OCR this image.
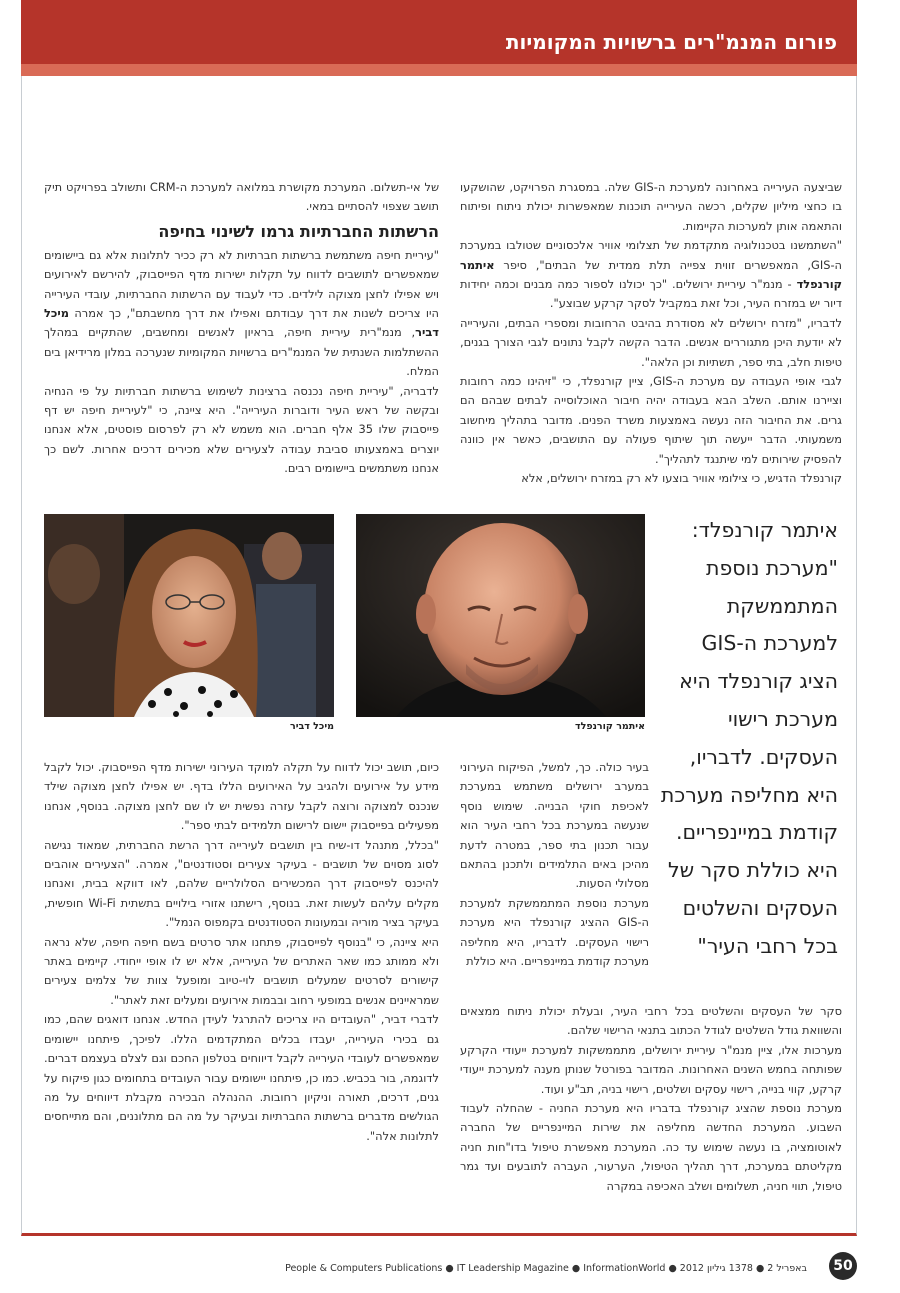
פורום המנמ"רים ברשויות המקומיות

שביצעה העירייה באחרונה למערכת ה-GIS שלה. במסגרת הפרויקט, שהושקעו בו כחצי מיליון שקלים, רכשה העירייה תוכנות שמאפשרות יכולת ניתוח ופיתוח והתאמה אותן למערכות הקיימות.

"השתמשנו בטכנולוגיה מתקדמת של תצלומי אוויר אלכסוניים שטולבו במערכת ה-GIS, המאפשרים זווית צפייה תלת ממדית של הבתים", סיפר איתמר קורנפלד - מנמ"ר עיריית ירושלים. "כך יכולנו לספור כמה מבנים וכמה יחידות דיור יש במזרח העיר, וכל זאת במקביל לסקר קרקע שבוצע".

לדבריו, "מזרח ירושלים לא מסודרת בהיבט הרחובות ומספרי הבתים, והעירייה לא יודעת היכן מתגוררים אנשים. הדבר הקשה לקבל נתונים לגבי הצורך בגנים, טיפות חלב, בתי ספר, תשתיות וכן הלאה".

לגבי אופי העבודה עם מערכת ה-GIS, ציין קורנפלד, כי "זיהינו כמה רחובות וציירנו אותם. השלב הבא בעבודה יהיה חיבור האוכלוסייה לבתים שבהם הם גרים. את החיבור הזה נעשה באמצעות משרד הפנים. מדובר בתהליך מיחשוב משמעותי. הדבר ייעשה תוך שיתוף פעולה עם התושבים, כאשר אין כוונה להפסיק שירותים למי שיתנגד לתהליך".

קורנפלד הדגיש, כי צילומי אוויר בוצעו לא רק במזרח ירושלים, אלא

של אי-תשלום. המערכת מקושרת במלואה למערכת ה-CRM ותשולב בפרויקט תיק תושב שצפוי להסתיים במאי.

הרשתות החברתיות גרמו לשינוי בחיפה

"עיריית חיפה משתמשת ברשתות חברתיות לא רק ככיר לתלונות אלא גם ביישומים שמאפשרים לתושבים לדווח על תקלות ישירות מדף הפייסבוק, להירשם לאירועים ויש אפילו לחצן מצוקה לילדים. כדי לעבוד עם הרשתות החברתיות, עובדי העירייה היו צריכים לשנות את דרך עבודתם ואפילו את דרך מחשבתם", כך אמרה מיכל דביר, מנמ"רית עיריית חיפה, בראיון לאנשים ומחשבים, שהתקיים במהלך ההשתלמות השנתית של המנמ"רים ברשויות המקומיות שנערכה במלון מרידיאן בים המלח.

לדבריה, "עיריית חיפה נכנסה ברצינות לשימוש ברשתות חברתיות על פי הנחיה ובקשה של ראש העיר ודוברות העירייה". היא ציינה, כי "לעיריית חיפה יש דף פייסבוק שלו 35 אלף חברים. הוא משמש לא רק לפרסום פוסטים, אלא אנחנו יוצרים באמצעותו סביבת עבודה לצעירים שלא מכירים דרכים אחרות. לשם כך אנחנו משתמשים ביישומים רבים.

איתמר קורנפלד
מיכל דביר
איתמר קורנפלד: "מערכת נוספת המתממשקת למערכת ה-GIS הציג קורנפלד היא מערכת רישוי העסקים. לדבריו, היא מחליפה מערכת קודמת במיינפריים. היא כוללת סקר של העסקים והשלטים בכל רחבי העיר"

בעיר כולה. כך, למשל, הפיקוח העירוני במערב ירושלים משתמש במערכת לאכיפת חוקי הבנייה. שימוש נוסף שנעשה במערכת בכל רחבי העיר הוא עבור תכנון בתי ספר, במטרה לדעת מהיכן באים התלמידים ולתכנן בהתאם מסלולי הסעות.

מערכת נוספת המתממשקת למערכת ה-GIS ההציג קורנפלד היא מערכת רישוי העסקים. לדבריו, היא מחליפה מערכת קודמת במיינפריים. היא כוללת

סקר של העסקים והשלטים בכל רחבי העיר, ובעלת יכולת ניתוח ממצאים והשוואת גודל השלטים לגודל הכתוב בתנאי הרישוי שלהם.

מערכות אלו, ציין מנמ"ר עיריית ירושלים, מתממשקות למערכת ייעודי הקרקע שפותחה בחמש השנים האחרונות. המדובר בפורטל שנותן מענה למערכת ייעודי קרקע, קווי בנייה, רישוי עסקים ושלטים, רישוי בניה, תב"ע ועוד.

מערכת נוספת שהציג קורנפלד בדבריו היא מערכת החניה - שהחלה לעבוד השבוע. המערכת החדשה מחליפה את שירות המיינפריים של החברה לאוטומציה, בו נעשה שימוש עד כה. המערכת מאפשרת טיפול בדו"חות חניה מקליטתם במערכת, דרך תהליך הטיפול, הערעור, העברה לתובעים ועד גמר טיפול, תווי חניה, תשלומים ושלב האכיפה במקרה

כיום, תושב יכול לדווח על תקלה למוקד העירוני ישירות מדף הפייסבוק. יכול לקבל מידע על אירועים ולהגיב על האירועים הללו בדף. יש אפילו לחצן מצוקה שילד שנכנס למצוקה ורוצה לקבל עזרה נפשית יש לו שם לחצן מצוקה. בנוסף, אנחנו מפעילים בפייסבוק יישום לרישום תלמידים לבתי ספר".

"בכלל, מתנהל דו-שיח בין תושבים לעירייה דרך הרשת החברתית, שמאוד נגישה לסוג מסוים של תושבים - בעיקר צעירים וסטודנטים", אמרה. "הצעירים אוהבים להיכנס לפייסבוק דרך המכשירים הסלולריים שלהם, לאו דווקא בבית, ואנחנו מקלים עליהם לעשות זאת. בנוסף, רישתנו אזורי בילויים בתשתית Wi-Fi חופשית, בעיקר בציר מוריה ובמעונות הסטודנטים בקמפוס הנמל".

היא ציינה, כי "בנוסף לפייסבוק, פתחנו אתר סרטים בשם חיפה חיפה, שלא נראה ולא ממותג כמו שאר האתרים של העירייה, אלא יש לו אופי ייחודי. קיימים באתר קישורים לסרטים שמעלים תושבים לוי-טיוב ומופעל צוות של צלמים צעירים שמראיינים אנשים במופעי רחוב ובבמות אירועים ומעלים זאת לאתר".

לדברי דביר, "העובדים היו צריכים להתרגל לעידן החדש. אנחנו דואגים שהם, כמו גם בכירי העירייה, יעבדו בכלים המתקדמים הללו. לפיכך, פיתחנו יישומים שמאפשרים לעובדי העירייה לקבל דיווחים בטלפון החכם וגם לצלם בעצמם דברים. לדוגמה, בור בכביש. כמו כן, פיתחנו יישומים עבור העובדים בתחומים כגון פיקוח על גנים, דרכים, תאורה וניקיון רחובות. ההנהלה הבכירה מקבלת דיווחים על מה הגולשים מדברים ברשתות החברתיות ובעיקר על מה הם מתלוננים, והם מתייחסים לתלונות אלה".

People & Computers Publications ● IT Leadership Magazine ● InformationWorld ● 2012 באפריל 2 ● 1378 גיליון	50
